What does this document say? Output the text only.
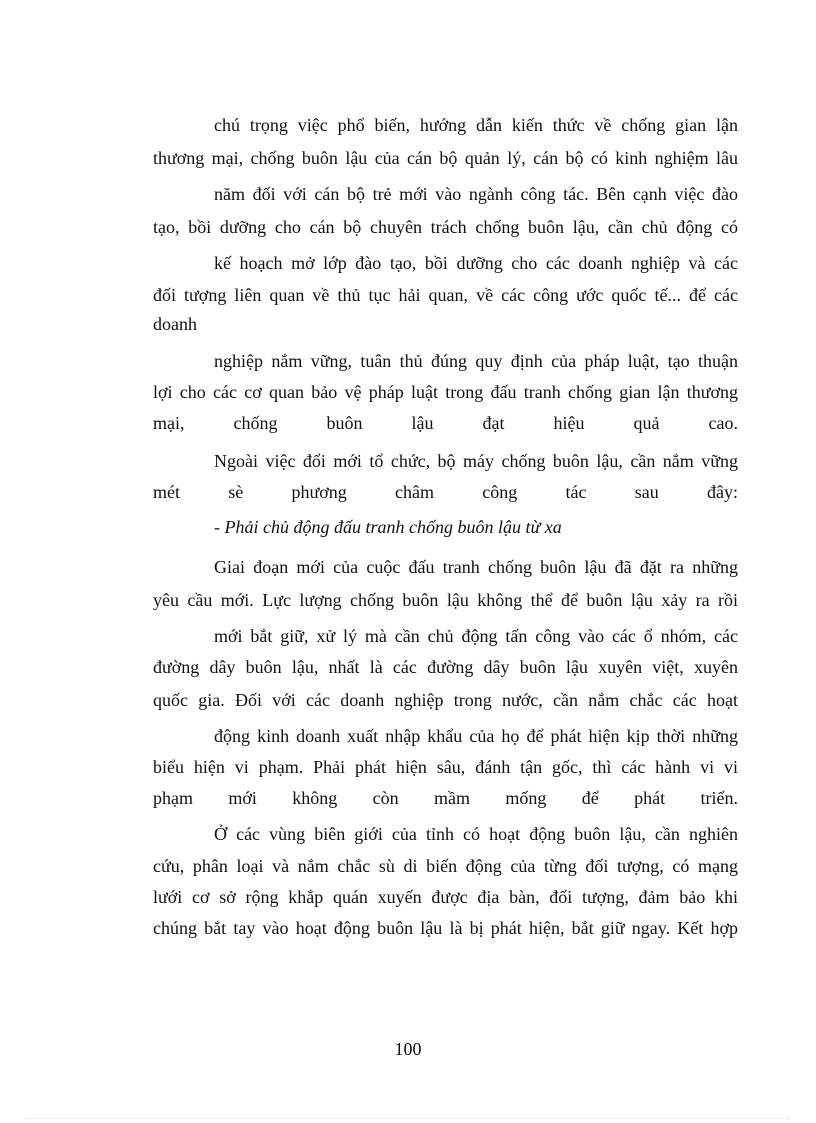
chú trọng việc phổ biến, hướng dẫn kiến thức về chống gian lận
thương mại, chống buôn lậu của cán bộ quản lý, cán bộ có kinh nghiệm lâu
năm đối với cán bộ trẻ mới vào ngành công tác. Bên cạnh việc đào
tạo, bồi dưỡng cho cán bộ chuyên trách chống buôn lậu, cần chủ động có
kế hoạch mở lớp đào tạo, bồi dưỡng cho các doanh nghiệp và các
đối tượng liên quan về thủ tục hải quan, về các công ước quốc tế... để các
doanh
nghiệp nắm vững, tuân thủ đúng quy định của pháp luật, tạo thuận
lợi cho các cơ quan bảo vệ pháp luật trong đấu tranh chống gian lận thương
mại, chống buôn lậu đạt hiệu quả cao.
Ngoài việc đổi mới tổ chức, bộ máy chống buôn lậu, cần nắm vững
mét sè phương châm công tác sau đây:
- Phải chủ động đấu tranh chống buôn lậu từ xa
Giai đoạn mới của cuộc đấu tranh chống buôn lậu đã đặt ra những
yêu cầu mới. Lực lượng chống buôn lậu không thể để buôn lậu xảy ra rồi
mới bắt giữ, xử lý mà cần chủ động tấn công vào các ổ nhóm, các
đường dây buôn lậu, nhất là các đường dây buôn lậu xuyên việt, xuyên
quốc gia. Đối với các doanh nghiệp trong nước, cần nắm chắc các hoạt
động kinh doanh xuất nhập khẩu của họ để phát hiện kịp thời những
biểu hiện vi phạm. Phải phát hiện sâu, đánh tận gốc, thì các hành vi vi
phạm mới không còn mầm mống để phát triển.
Ở các vùng biên giới của tỉnh có hoạt động buôn lậu, cần nghiên
cứu, phân loại và nắm chắc sù di biến động của từng đối tượng, có mạng
lưới cơ sở rộng khắp quán xuyến được địa bàn, đối tượng, đảm bảo khi
chúng bắt tay vào hoạt động buôn lậu là bị phát hiện, bắt giữ ngay. Kết hợp
100
